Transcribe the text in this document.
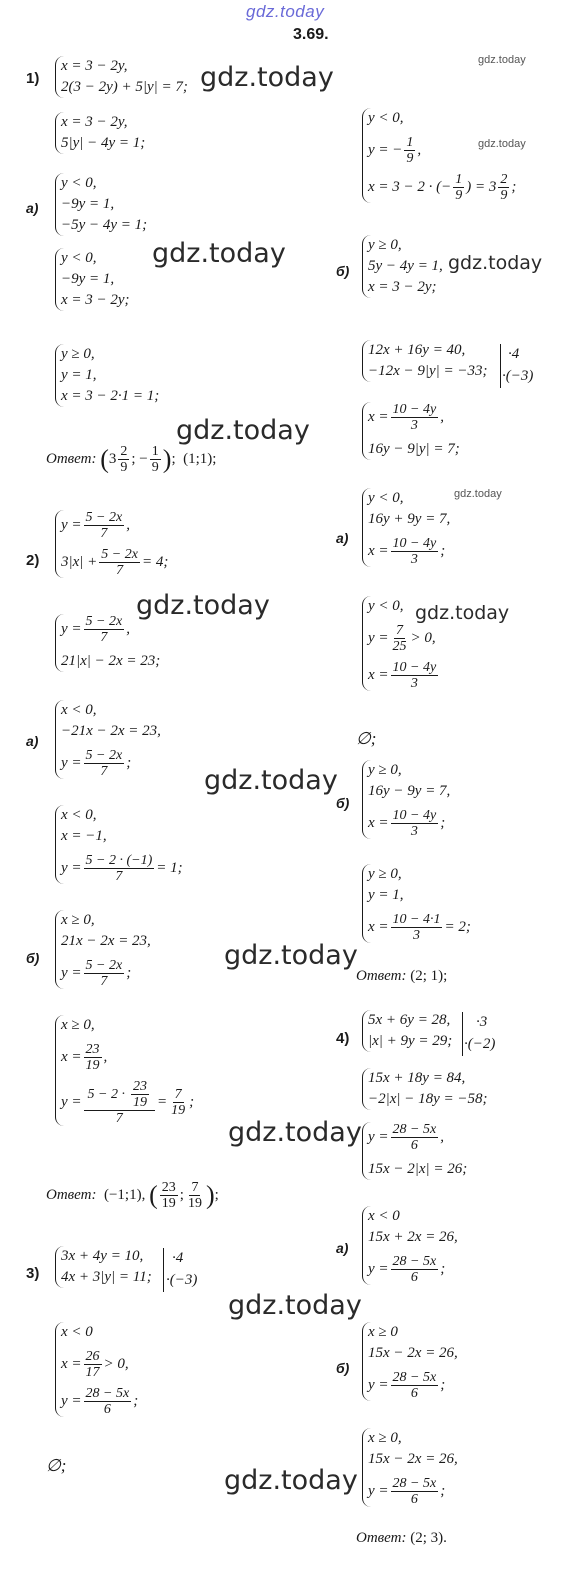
gdz.today
3.69.
gdz.today
gdz.today
gdz.today
gdz.today
gdz.today
gdz.today
gdz.today
gdz.today
gdz.today
gdz.today
gdz.today
gdz.today
gdz.today
gdz.today
1)
x = 3 − 2y,
2(3 − 2y) + 5|y| = 7;
x = 3 − 2y,
5|y| − 4y = 1;
а)
y < 0,
−9y = 1,
−5y − 4y = 1;
y < 0,
−9y = 1,
x = 3 − 2y;
y ≥ 0,
y = 1,
x = 3 − 2·1 = 1;
Ответ: ($3 \frac{2}{9}$ ; − $\frac{1}{9}$ );  (1;1);
y < 0,
y = − $\frac{1}{9}$ ,
x = 3 − 2 · (− $\frac{1}{9}$ ) = $3 \frac{2}{9}$ ;
б)
y ≥ 0,
5y − 4y = 1,
x = 3 − 2y;
2)
$y = \frac{5 - 2x}{7}$ ,
$3|x| + \frac{5 - 2x}{7} = 4$;
$y = \frac{5 - 2x}{7}$ ,
21|x| − 2x = 23;
а)
x < 0,
−21x − 2x = 23,
$y = \frac{5 - 2x}{7}$ ;
x < 0,
x = −1,
$y = \frac{5 - 2 \cdot (-1)}{7} = 1$;
б)
x ≥ 0,
21x − 2x = 23,
$y = \frac{5 - 2x}{7}$ ;
x ≥ 0,
$x = \frac{23}{19}$ ,
$y = \frac{5 - 2 \cdot \frac{23}{19}}{7} = \frac{7}{19}$ ;
Ответ: (−1;1), ( $\frac{23}{19}$ ; $\frac{7}{19}$ );
12x + 16y = 40,
−12x − 9|y| = −33;
·4
·(−3)
$x = \frac{10 - 4y}{3}$ ,
16y − 9|y| = 7;
а)
y < 0,
16y + 9y = 7,
$x = \frac{10 - 4y}{3}$ ;
y < 0,
$y = \frac{7}{25} > 0$,
$x = \frac{10 - 4y}{3}$
∅;
б)
y ≥ 0,
16y − 9y = 7,
$x = \frac{10 - 4y}{3}$ ;
y ≥ 0,
y = 1,
$x = \frac{10 - 4\cdot 1}{3} = 2$;
Ответ: (2; 1);
3)
3x + 4y = 10,
4x + 3|y| = 11;
·4
·(−3)
x < 0
$x = \frac{26}{17} > 0$,
$y = \frac{28 - 5x}{6}$ ;
∅;
4)
5x + 6y = 28,
|x| + 9y = 29;
·3
·(−2)
15x + 18y = 84,
−2|x| − 18y = −58;
$y = \frac{28 - 5x}{6}$ ,
15x − 2|x| = 26;
а)
x < 0
15x + 2x = 26,
$y = \frac{28 - 5x}{6}$ ;
б)
x ≥ 0
15x − 2x = 26,
$y = \frac{28 - 5x}{6}$ ;
x ≥ 0,
15x − 2x = 26,
$y = \frac{28 - 5x}{6}$ ;
Ответ: (2; 3).
